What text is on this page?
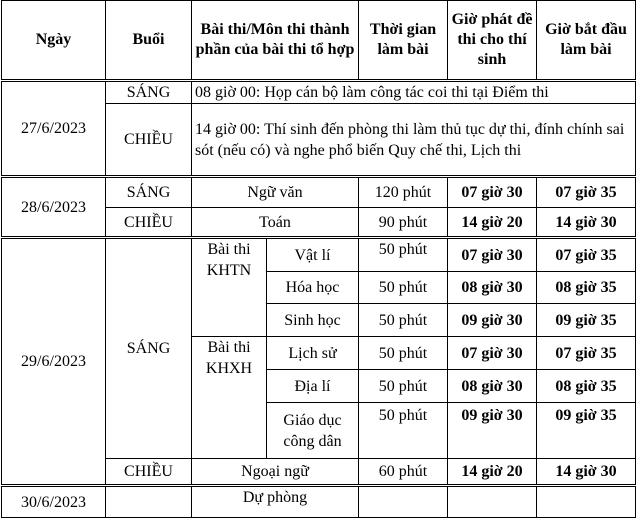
Ngày	Buổi	Bài thi/Môn thi thành phần của bài thi tổ hợp		Thời gian làm bài	Giờ phát đề thi cho thí sinh	Giờ bắt đầu làm bài
27/6/2023	SÁNG	08 giờ 00: Họp cán bộ làm công tác coi thi tại Điểm thi				
	CHIỀU	14 giờ 00: Thí sinh đến phòng thi làm thủ tục dự thi, đính chính sai sót (nếu có) và nghe phổ biến Quy chế thi, Lịch thi				
28/6/2023	SÁNG	Ngữ văn		120 phút	07 giờ 30	07 giờ 35
	CHIỀU	Toán		90 phút	14 giờ 20	14 giờ 30
29/6/2023	SÁNG	Bài thi KHTN	Vật lí	50 phút	07 giờ 30	07 giờ 35
			Hóa học	50 phút	08 giờ 30	08 giờ 35
			Sinh học	50 phút	09 giờ 30	09 giờ 35
		Bài thi KHXH	Lịch sử	50 phút	07 giờ 30	07 giờ 35
			Địa lí	50 phút	08 giờ 30	08 giờ 35
			Giáo dục công dân	50 phút	09 giờ 30	09 giờ 35
	CHIỀU	Ngoại ngữ		60 phút	14 giờ 20	14 giờ 30
30/6/2023		Dự phòng				
